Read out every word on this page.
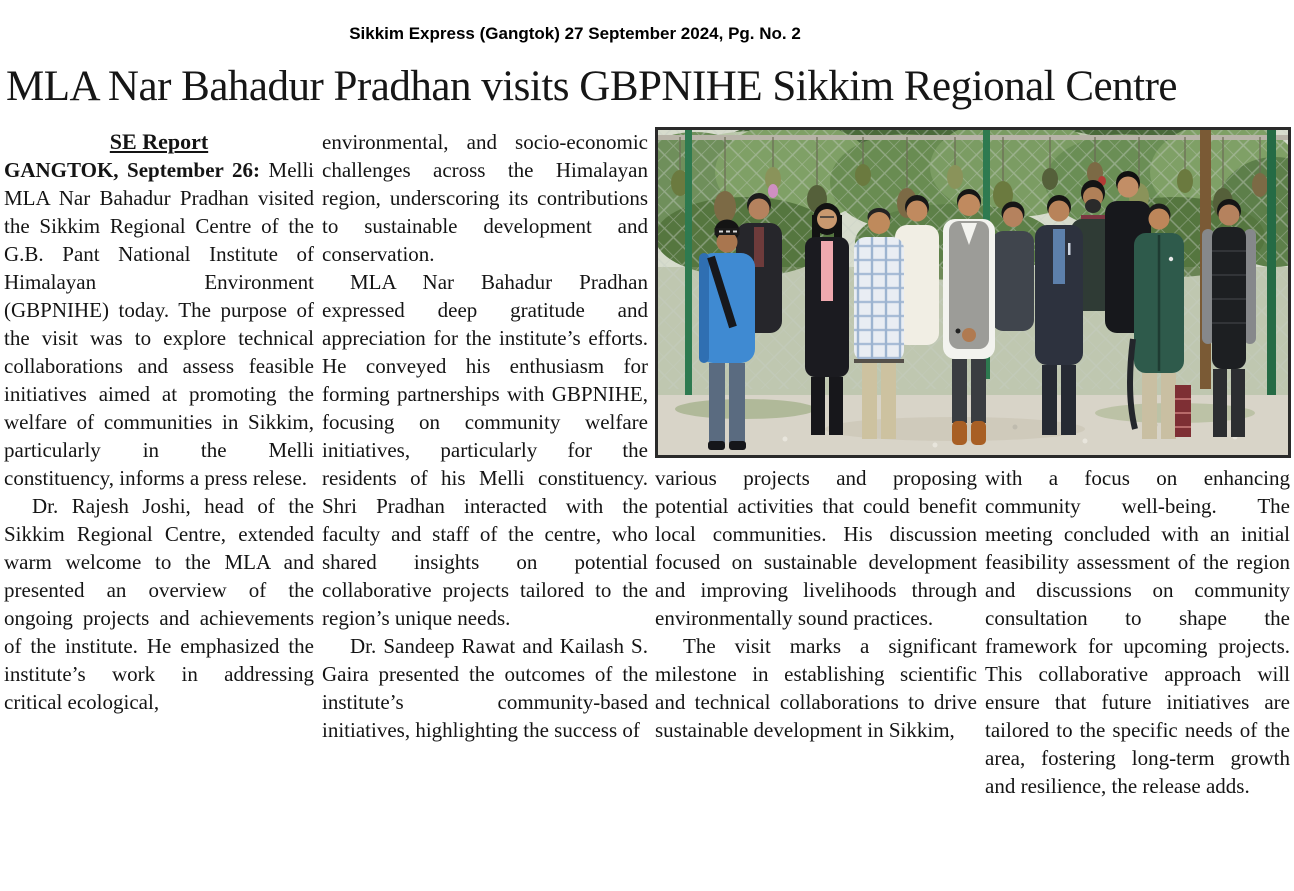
Sikkim Express (Gangtok) 27 September 2024, Pg. No. 2
MLA Nar Bahadur Pradhan visits GBPNIHE Sikkim Regional Centre

SE Report

GANGTOK, September 26: Melli MLA Nar Bahadur Pradhan visited the Sikkim Regional Centre of the G.B. Pant National Institute of Himalayan Environment (GBPNIHE) today. The purpose of the visit was to explore technical collaborations and assess feasible initiatives aimed at promoting the welfare of communities in Sikkim, particularly in the Melli constituency, informs a press relese.

Dr. Rajesh Joshi, head of the Sikkim Regional Centre, extended warm welcome to the MLA and presented an overview of the ongoing projects and achievements of the institute. He emphasized the institute’s work in addressing critical ecological,

environmental, and socio-economic challenges across the Himalayan region, underscoring its contributions to sustainable development and conservation.

MLA Nar Bahadur Pradhan expressed deep gratitude and appreciation for the institute’s efforts. He conveyed his enthusiasm for forming partnerships with GBPNIHE, focusing on community welfare initiatives, particularly for the residents of his Melli constituency. Shri Pradhan interacted with the faculty and staff of the centre, who shared insights on potential collaborative projects tailored to the region’s unique needs.

Dr. Sandeep Rawat and Kailash S. Gaira presented the outcomes of the institute’s community-based initiatives, highlighting the success of

various projects and proposing potential activities that could benefit local communities. His discussion focused on sustainable development and improving livelihoods through environmentally sound practices.

The visit marks a significant milestone in establishing scientific and technical collaborations to drive sustainable development in Sikkim,

with a focus on enhancing community well-being. The meeting concluded with an initial feasibility assessment of the region and discussions on community consultation to shape the framework for upcoming projects. This collaborative approach will ensure that future initiatives are tailored to the specific needs of the area, fostering long-term growth and resilience, the release adds.
